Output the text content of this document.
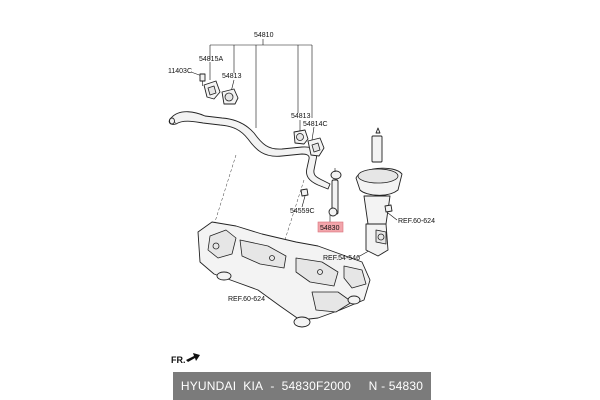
54810
54815A
11403C
54813
54813
54814C
54559C
54830
REF.60-624
REF.54-546
REF.60-624
FR.
HYUNDAI  KIA - 54830F2000
N - 54830
